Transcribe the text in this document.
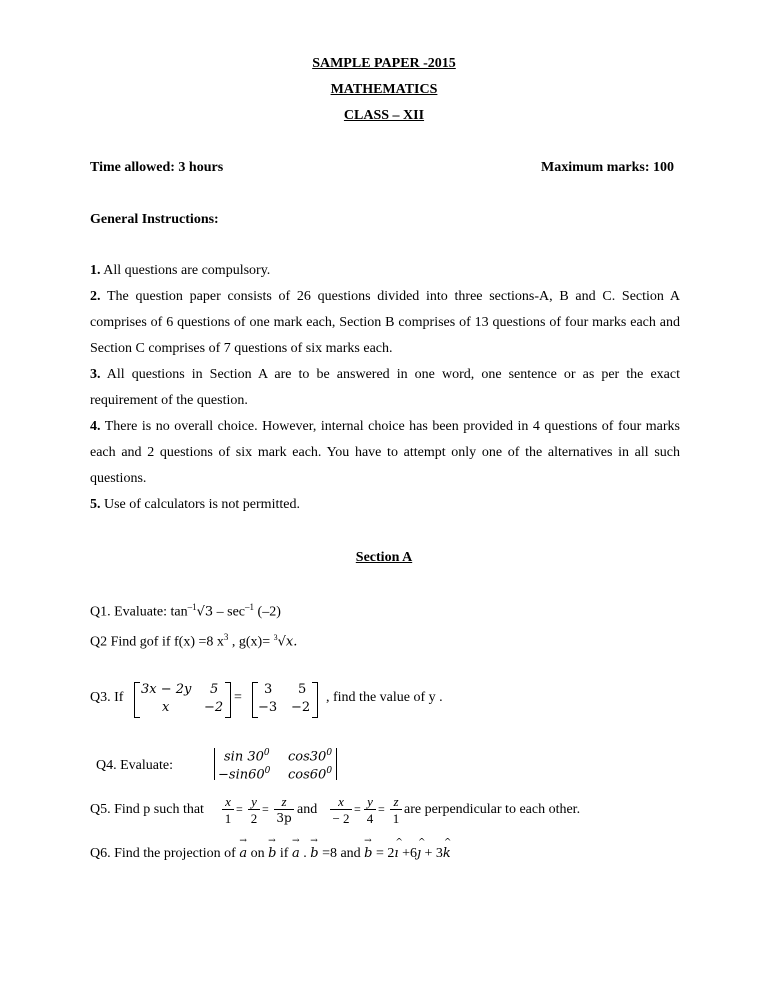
SAMPLE PAPER -2015
MATHEMATICS
CLASS – XII
Time allowed: 3 hours	Maximum marks: 100
General Instructions:
1. All questions are compulsory.
2. The question paper consists of 26 questions divided into three sections-A, B and C. Section A comprises of 6 questions of one mark each, Section B comprises of 13 questions of four marks each and Section C comprises of 7 questions of six marks each.
3. All questions in Section A are to be answered in one word, one sentence or as per the exact requirement of the question.
4. There is no overall choice. However, internal choice has been provided in 4 questions of four marks each and 2 questions of six mark each. You have to attempt only one of the alternatives in all such questions.
5. Use of calculators is not permitted.
Section A
Q1. Evaluate: $\tan^{-1}√3 - \sec^{-1} (-2)$
Q2 Find gof if f(x) =8 $x^3$ , g(x)= $^3$√x.
Q3. If
3x − 2y 5
x	−2
=
3 5
−3 −2
, find the value of y .
Q4. Evaluate:
$\sin 30^0$ $\cos 30^0$
$-\sin 60^0$ $\cos 60^0$
Q5. Find p such that $\frac{x}{1} = \frac{y}{2} = \frac{z}{3p}$ and $\frac{x}{- 2} = \frac{y}{4} = \frac{z}{1}$ are perpendicular to each other.
Q6. Find the projection of → a on → b if → a . → b =8 and → b = 2^ ı +6^ ȷ + 3^ k
